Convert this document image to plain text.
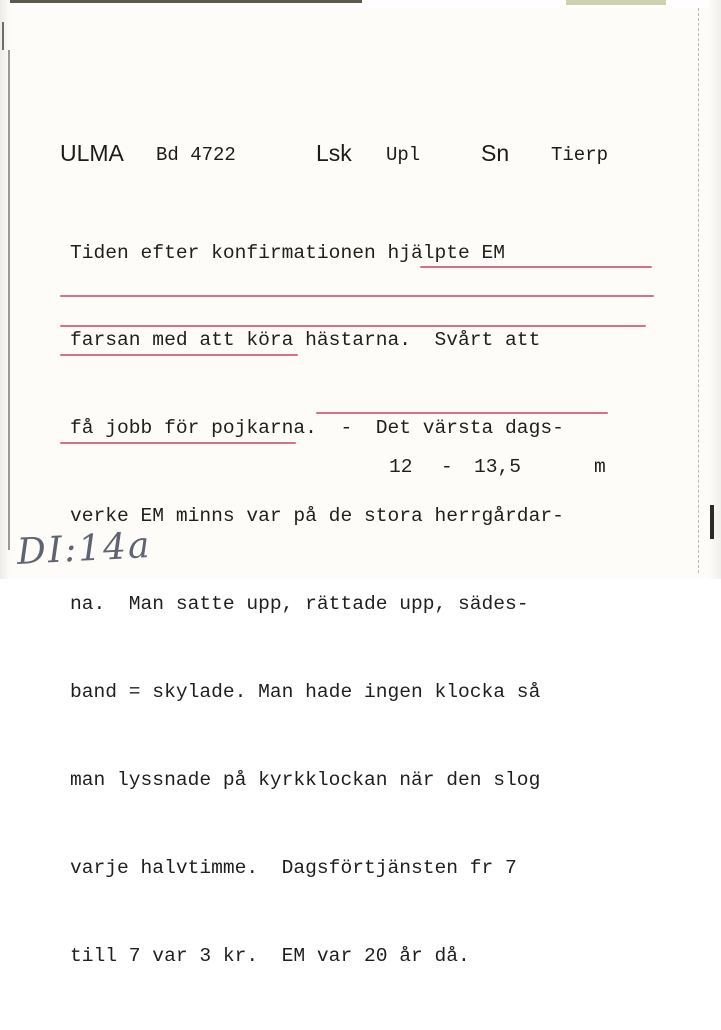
ULMA Bd 4722	Lsk Upl	Sn Tierp

Tiden efter konfirmationen hjälpte EM

farsan med att köra hästarna.  Svårt att

få jobb för pojkarna.  -  Det värsta dags-

verke EM minns var på de stora herrgårdar-

na.  Man satte upp, rättade upp, sädes-

band = skylade. Man hade ingen klocka så

man lyssnade på kyrkklockan när den slog

varje halvtimme.  Dagsförtjänsten fr 7

till 7 var 3 kr.  EM var 20 år då.

12 - 13,5	m
DI:14a
